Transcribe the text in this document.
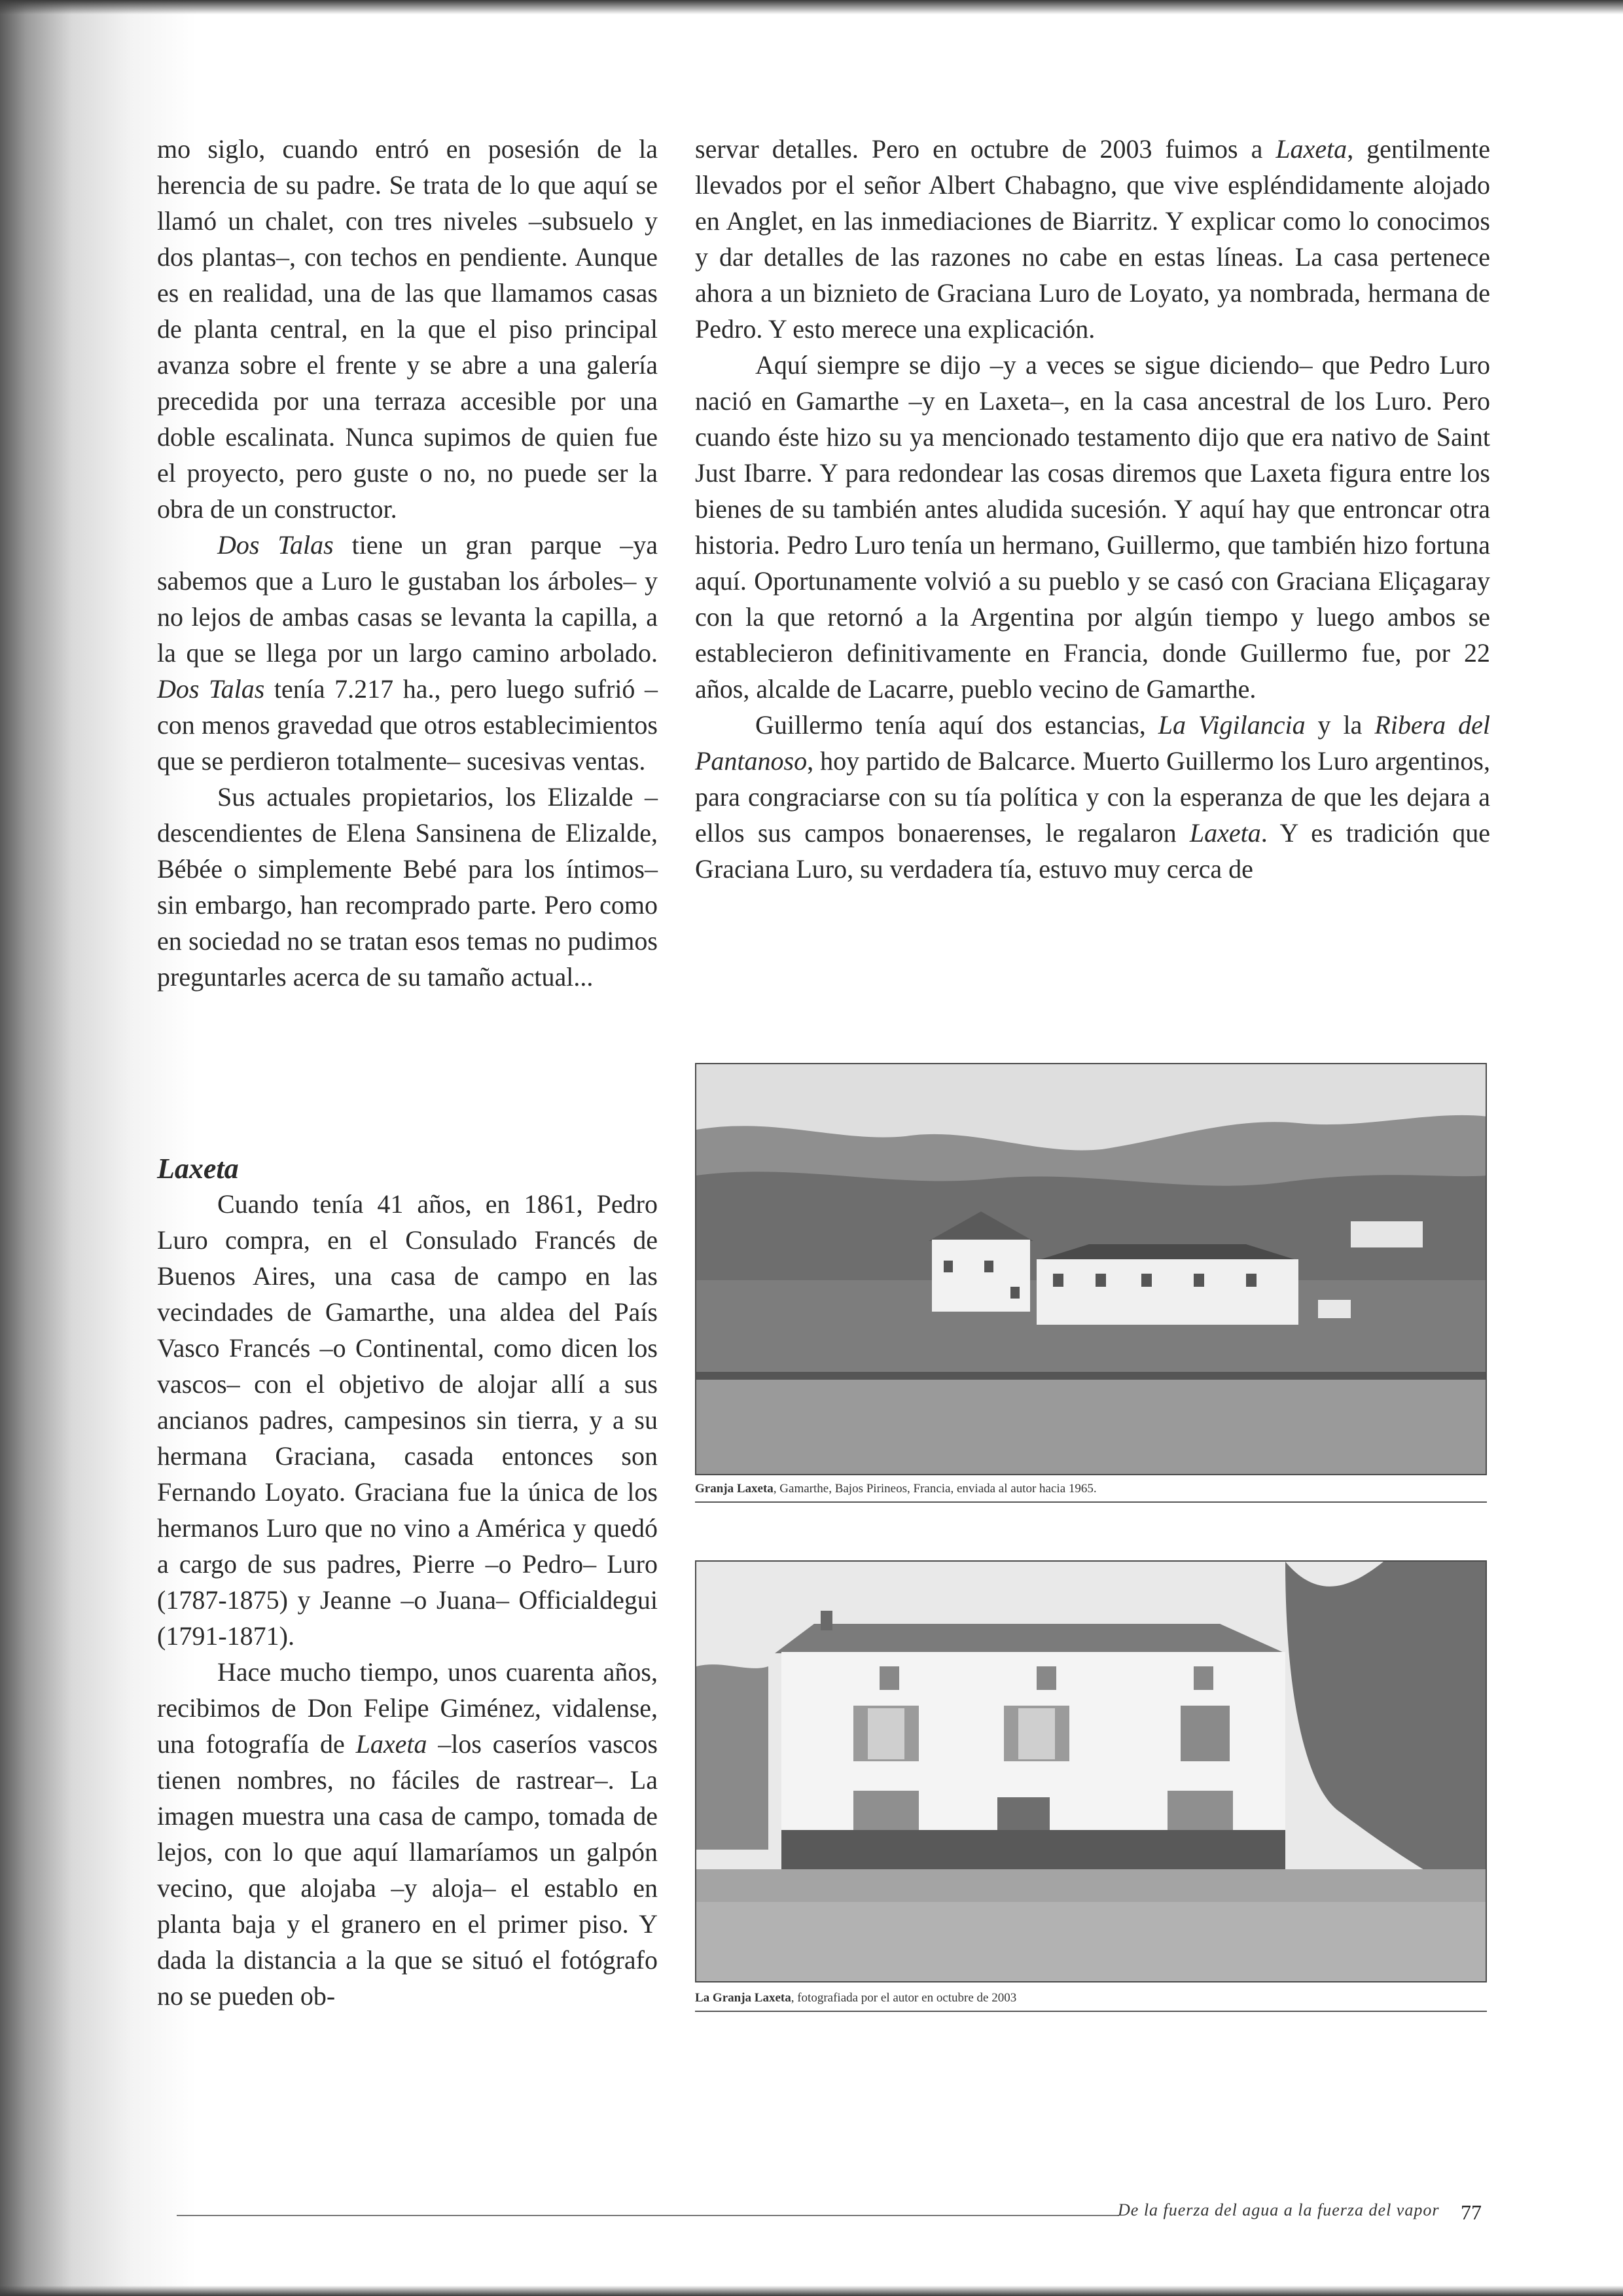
mo siglo, cuando entró en posesión de la herencia de su padre. Se trata de lo que aquí se llamó un chalet, con tres niveles –subsuelo y dos plantas–, con techos en pendiente. Aunque es en realidad, una de las que llamamos casas de planta central, en la que el piso principal avanza sobre el frente y se abre a una galería precedida por una terraza accesible por una doble escalinata. Nunca supimos de quien fue el proyecto, pero guste o no, no puede ser la obra de un constructor.

Dos Talas tiene un gran parque –ya sabemos que a Luro le gustaban los árboles– y no lejos de ambas casas se levanta la capilla, a la que se llega por un largo camino arbolado. Dos Talas tenía 7.217 ha., pero luego sufrió –con menos gravedad que otros establecimientos que se perdieron totalmente– sucesivas ventas.

Sus actuales propietarios, los Elizalde –descendientes de Elena Sansinena de Elizalde, Bébée o simplemente Bebé para los íntimos– sin embargo, han recomprado parte. Pero como en sociedad no se tratan esos temas no pudimos preguntarles acerca de su tamaño actual...

Laxeta

Cuando tenía 41 años, en 1861, Pedro Luro compra, en el Consulado Francés de Buenos Aires, una casa de campo en las vecindades de Gamarthe, una aldea del País Vasco Francés –o Continental, como dicen los vascos– con el objetivo de alojar allí a sus ancianos padres, campesinos sin tierra, y a su hermana Graciana, casada entonces son Fernando Loyato. Graciana fue la única de los hermanos Luro que no vino a América y quedó a cargo de sus padres, Pierre –o Pedro– Luro (1787-1875) y Jeanne –o Juana– Officialdegui (1791-1871).

Hace mucho tiempo, unos cuarenta años, recibimos de Don Felipe Giménez, vidalense, una fotografía de Laxeta –los caseríos vascos tienen nombres, no fáciles de rastrear–. La imagen muestra una casa de campo, tomada de lejos, con lo que aquí llamaríamos un galpón vecino, que alojaba –y aloja– el establo en planta baja y el granero en el primer piso. Y dada la distancia a la que se situó el fotógrafo no se pueden ob-

servar detalles. Pero en octubre de 2003 fuimos a Laxeta, gentilmente llevados por el señor Albert Chabagno, que vive espléndidamente alojado en Anglet, en las inmediaciones de Biarritz. Y explicar como lo conocimos y dar detalles de las razones no cabe en estas líneas. La casa pertenece ahora a un biznieto de Graciana Luro de Loyato, ya nombrada, hermana de Pedro. Y esto merece una explicación.

Aquí siempre se dijo –y a veces se sigue diciendo– que Pedro Luro nació en Gamarthe –y en Laxeta–, en la casa ancestral de los Luro. Pero cuando éste hizo su ya mencionado testamento dijo que era nativo de Saint Just Ibarre. Y para redondear las cosas diremos que Laxeta figura entre los bienes de su también antes aludida sucesión. Y aquí hay que entroncar otra historia. Pedro Luro tenía un hermano, Guillermo, que también hizo fortuna aquí. Oportunamente volvió a su pueblo y se casó con Graciana Eliçagaray con la que retornó a la Argentina por algún tiempo y luego ambos se establecieron definitivamente en Francia, donde Guillermo fue, por 22 años, alcalde de Lacarre, pueblo vecino de Gamarthe.

Guillermo tenía aquí dos estancias, La Vigilancia y la Ribera del Pantanoso, hoy partido de Balcarce. Muerto Guillermo los Luro argentinos, para congraciarse con su tía política y con la esperanza de que les dejara a ellos sus campos bonaerenses, le regalaron Laxeta. Y es tradición que Graciana Luro, su verdadera tía, estuvo muy cerca de

Granja Laxeta, Gamarthe, Bajos Pirineos, Francia, enviada al autor hacia 1965.
La Granja Laxeta, fotografiada por el autor en octubre de 2003
De la fuerza del agua a la fuerza del vapor 77
